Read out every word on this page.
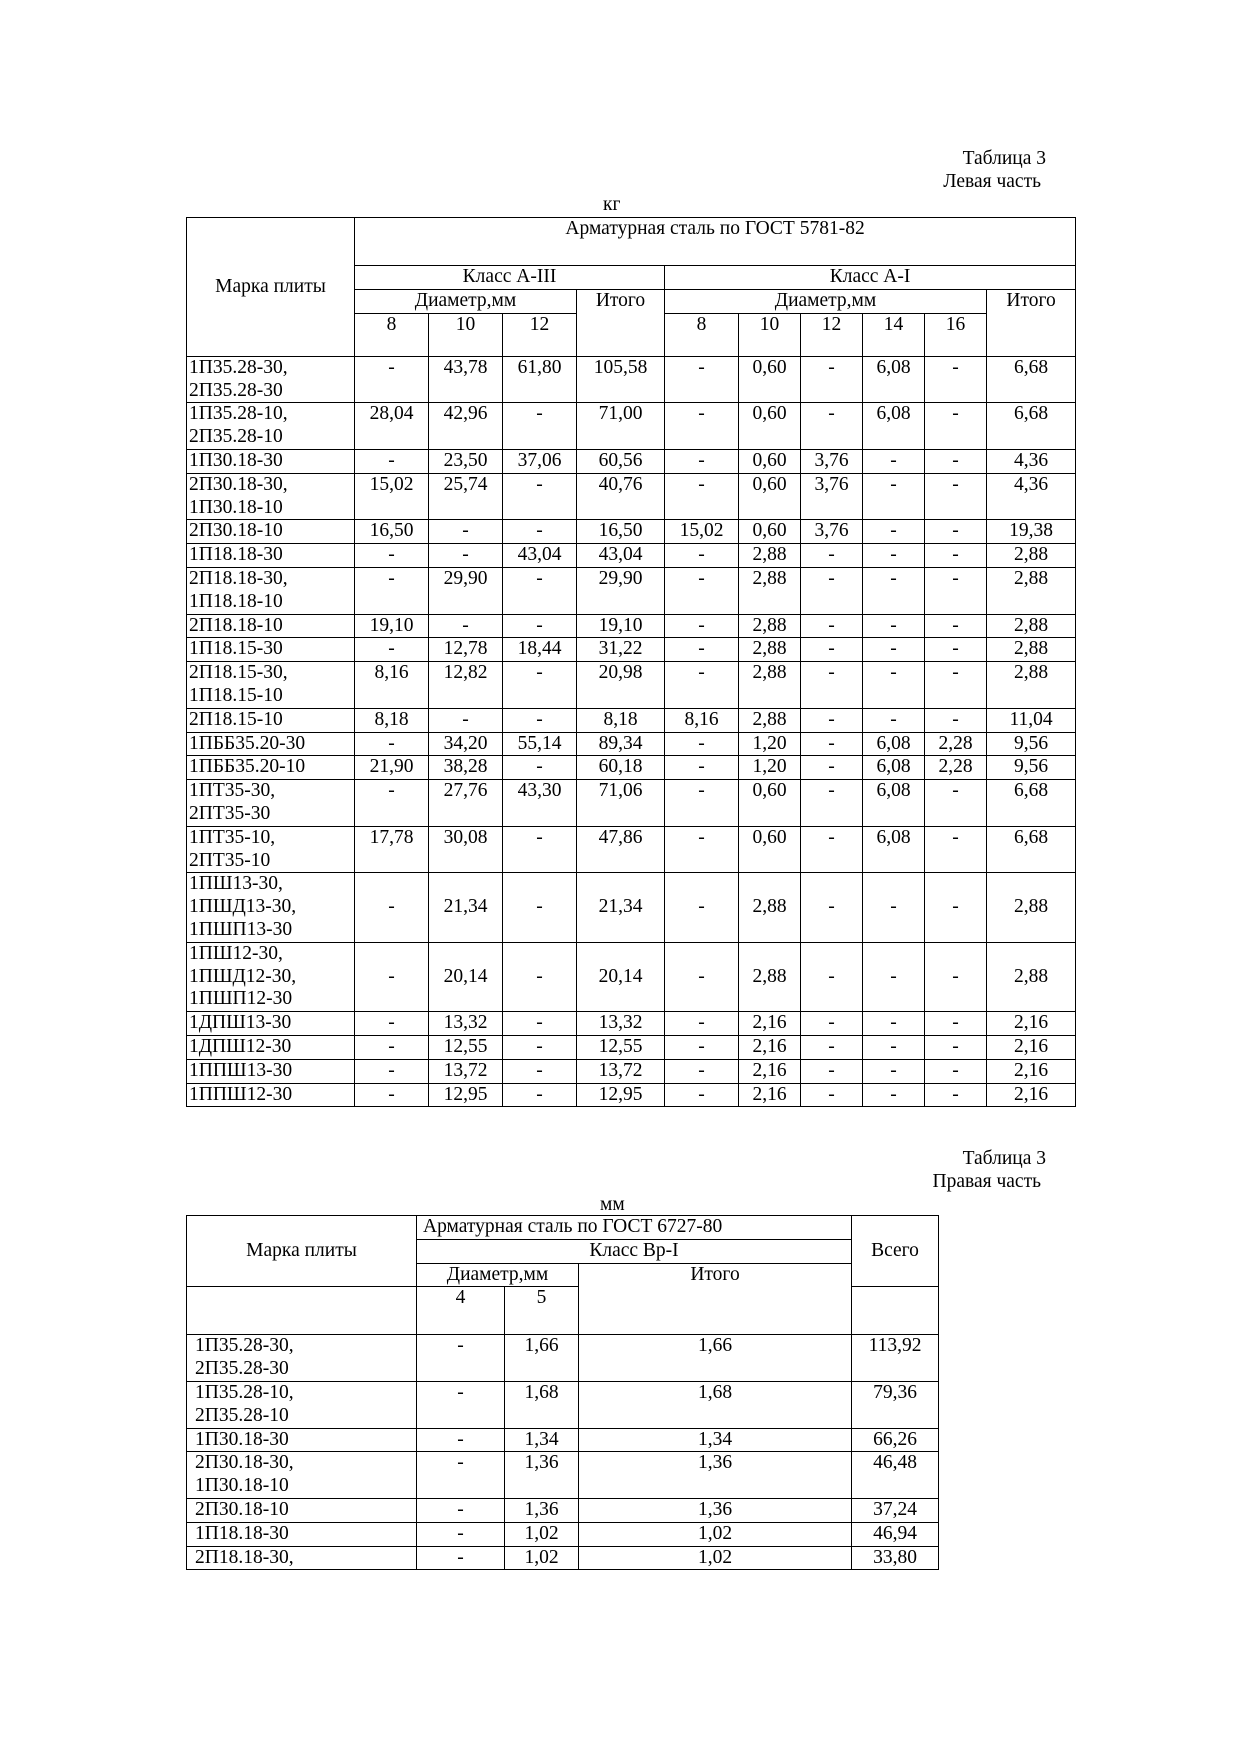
Таблица 3
Левая часть
кг
Марка плиты	Арматурная сталь по ГОСТ 5781-82									
	Класс А-III				Класс А-I					
	Диаметр,мм			Итого	Диаметр,мм					Итого
	8	10	12		8	10	12	14	16	

1П35.28-30,
2П35.28-30	-	43,78	61,80	105,58	-	0,60	-	6,08	-	6,68

1П35.28-10,
2П35.28-10	28,04	42,96	-	71,00	-	0,60	-	6,08	-	6,68

1П30.18-30	-	23,50	37,06	60,56	-	0,60	3,76	-	-	4,36

2П30.18-30,
1П30.18-10	15,02	25,74	-	40,76	-	0,60	3,76	-	-	4,36

2П30.18-10	16,50	-	-	16,50	15,02	0,60	3,76	-	-	19,38

1П18.18-30	-	-	43,04	43,04	-	2,88	-	-	-	2,88

2П18.18-30,
1П18.18-10	-	29,90	-	29,90	-	2,88	-	-	-	2,88

2П18.18-10	19,10	-	-	19,10	-	2,88	-	-	-	2,88

1П18.15-30	-	12,78	18,44	31,22	-	2,88	-	-	-	2,88

2П18.15-30,
1П18.15-10	8,16	12,82	-	20,98	-	2,88	-	-	-	2,88

2П18.15-10	8,18	-	-	8,18	8,16	2,88	-	-	-	11,04

1ПББ35.20-30	-	34,20	55,14	89,34	-	1,20	-	6,08	2,28	9,56

1ПББ35.20-10	21,90	38,28	-	60,18	-	1,20	-	6,08	2,28	9,56

1ПТ35-30,
2ПТ35-30	-	27,76	43,30	71,06	-	0,60	-	6,08	-	6,68

1ПТ35-10,
2ПТ35-10	17,78	30,08	-	47,86	-	0,60	-	6,08	-	6,68

1ПШ13-30,
1ПШД13-30,
1ПШП13-30	-	21,34	-	21,34	-	2,88	-	-	-	2,88

1ПШ12-30,
1ПШД12-30,
1ПШП12-30	-	20,14	-	20,14	-	2,88	-	-	-	2,88

1ДПШ13-30	-	13,32	-	13,32	-	2,16	-	-	-	2,16

1ДПШ12-30	-	12,55	-	12,55	-	2,16	-	-	-	2,16

1ППШ13-30	-	13,72	-	13,72	-	2,16	-	-	-	2,16

1ППШ12-30	-	12,95	-	12,95	-	2,16	-	-	-	2,16
Таблица 3
Правая часть
мм
Марка плиты	Арматурная сталь по ГОСТ 6727-80			Всего
	Класс Вр-I			
	Диаметр,мм		Итого	
	4	5		

1П35.28-30,
2П35.28-30	-	1,66	1,66	113,92

1П35.28-10,
2П35.28-10	-	1,68	1,68	79,36

1П30.18-30	-	1,34	1,34	66,26

2П30.18-30,
1П30.18-10	-	1,36	1,36	46,48

2П30.18-10	-	1,36	1,36	37,24

1П18.18-30	-	1,02	1,02	46,94

2П18.18-30,	-	1,02	1,02	33,80
